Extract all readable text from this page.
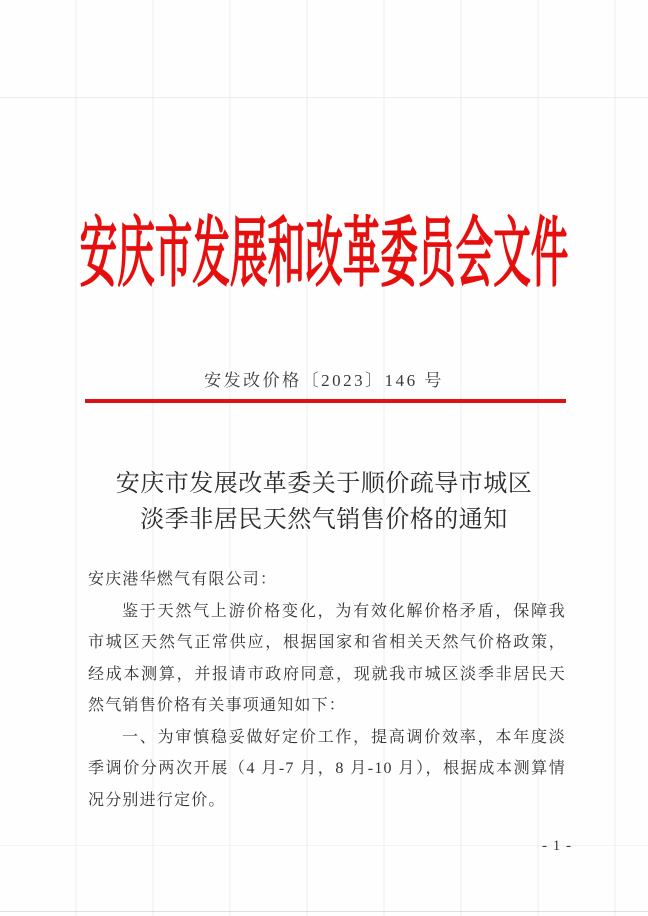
安庆市发展和改革委员会文件
安发改价格〔2023〕146 号
安庆市发展改革委关于顺价疏导市城区
淡季非居民天然气销售价格的通知
安庆港华燃气有限公司：

鉴于天然气上游价格变化，为有效化解价格矛盾，保障我市城区天然气正常供应，根据国家和省相关天然气价格政策，经成本测算，并报请市政府同意，现就我市城区淡季非居民天然气销售价格有关事项通知如下：

一、为审慎稳妥做好定价工作，提高调价效率，本年度淡季调价分两次开展（4 月-7 月，8 月-10 月），根据成本测算情况分别进行定价。

- 1 -
